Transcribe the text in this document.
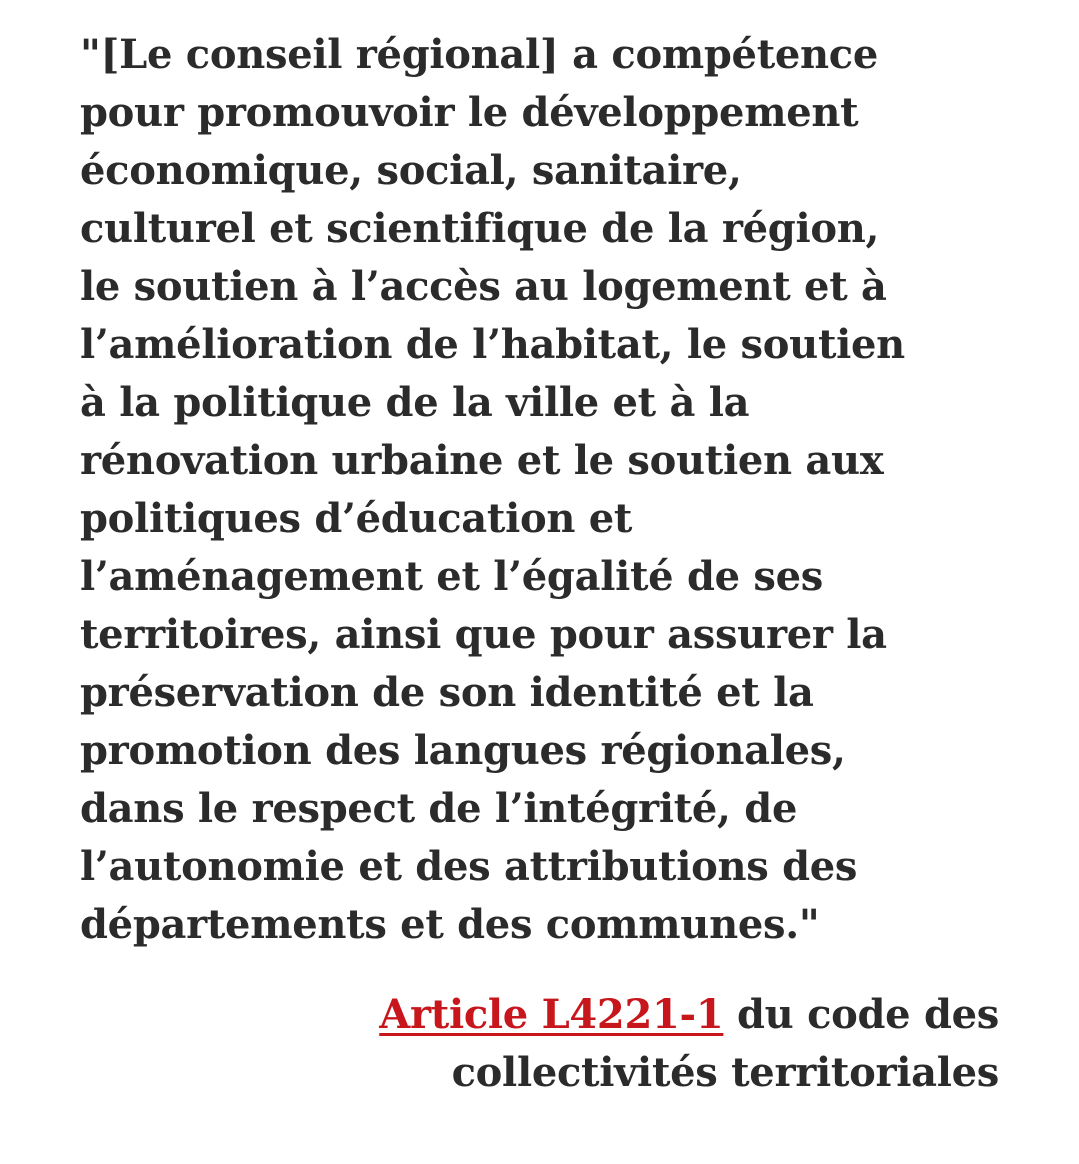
"[Le conseil régional] a compétence
pour promouvoir le développement
économique, social, sanitaire,
culturel et scientifique de la région,
le soutien à l’accès au logement et à
l’amélioration de l’habitat, le soutien
à la politique de la ville et à la
rénovation urbaine et le soutien aux
politiques d’éducation et
l’aménagement et l’égalité de ses
territoires, ainsi que pour assurer la
préservation de son identité et la
promotion des langues régionales,
dans le respect de l’intégrité, de
l’autonomie et des attributions des
départements et des communes."
Article L4221-1 du code des
collectivités territoriales
